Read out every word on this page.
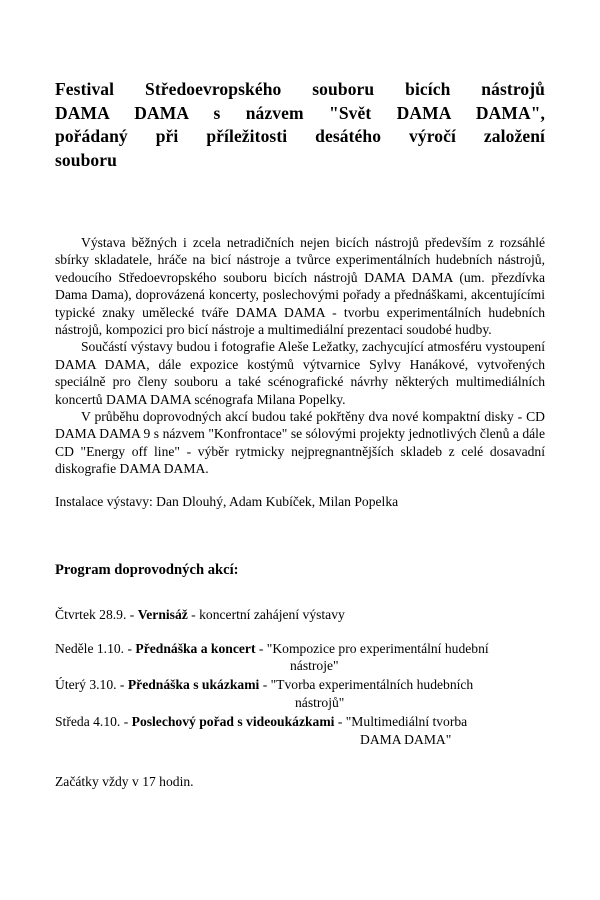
Festival Středoevropského souboru bicích nástrojů
DAMA DAMA s názvem "Svět DAMA DAMA",
pořádaný při příležitosti desátého výročí založení
souboru

Výstava běžných i zcela netradičních nejen bicích nástrojů především z rozsáhlé sbírky skladatele, hráče na bicí nástroje a tvůrce experimentálních hudebních nástrojů, vedoucího Středoevropského souboru bicích nástrojů DAMA DAMA (um. přezdívka Dama Dama), doprovázená koncerty, poslechovými pořady a přednáškami, akcentujícími typické znaky umělecké tváře DAMA DAMA - tvorbu experimentálních hudebních nástrojů, kompozici pro bicí nástroje a multimediální prezentaci soudobé hudby.

Součástí výstavy budou i fotografie Aleše Ležatky, zachycující atmosféru vystoupení DAMA DAMA, dále expozice kostýmů výtvarnice Sylvy Hanákové, vytvořených speciálně pro členy souboru a také scénografické návrhy některých multimediálních koncertů DAMA DAMA scénografa Milana Popelky.

V průběhu doprovodných akcí budou také pokřtěny dva nové kompaktní disky - CD DAMA DAMA 9 s názvem "Konfrontace" se sólovými projekty jednotlivých členů a dále CD "Energy off line" - výběr rytmicky nejpregnantnějších skladeb z celé dosavadní diskografie DAMA DAMA.

Instalace výstavy: Dan Dlouhý, Adam Kubíček, Milan Popelka
Program doprovodných akcí:
Čtvrtek 28.9. - Vernisáž - koncertní zahájení výstavy
Neděle 1.10. - Přednáška a koncert - "Kompozice pro experimentální hudební
nástroje"
Úterý 3.10. - Přednáška s ukázkami - "Tvorba experimentálních hudebních
nástrojů"
Středa 4.10. - Poslechový pořad s videoukázkami - "Multimediální tvorba
DAMA DAMA"
Začátky vždy v 17 hodin.
